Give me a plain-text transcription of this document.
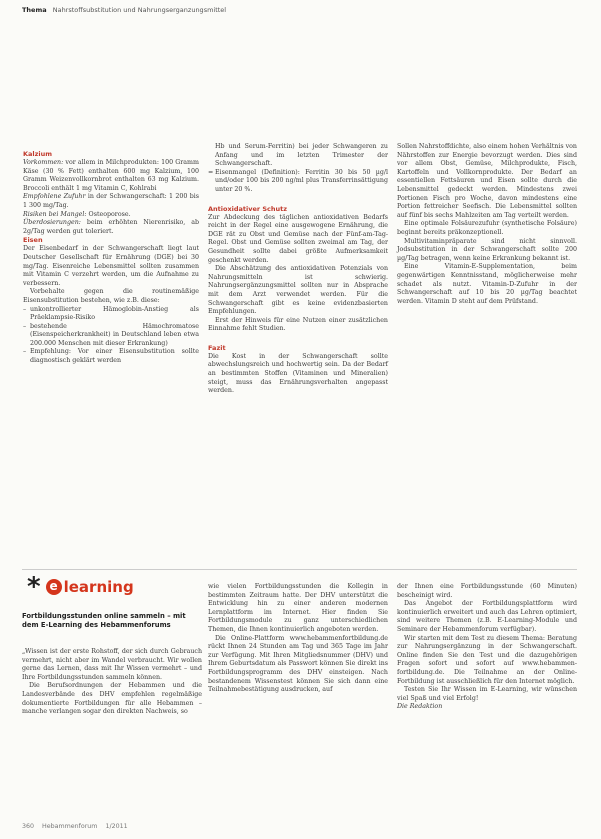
Thema Nahrstoffsubstitution und Nahrungserganzungsmittel
Kalzium

Vorkommen: vor allem in Milchprodukten: 100 Gramm Käse (30 % Fett) enthalten 600 mg Kalzium, 100 Gramm Weizenvollkornbrot enthalten 63 mg Kalzium. Broccoli enthält 1 mg Vitamin C, Kohlrabi

Empfohlene Zufuhr in der Schwangerschaft: 1 200 bis 1 300 mg/Tag.

Risiken bei Mangel: Osteoporose.

Überdosierungen: beim erhöhten Nierenrisiko, ab 2g/Tag werden gut toleriert.

Eisen

Der Eisenbedarf in der Schwangerschaft liegt laut Deutscher Gesellschaft für Ernährung (DGE) bei 30 mg/Tag. Eisenreiche Lebensmittel sollten zusammen mit Vitamin C verzehrt werden, um die Aufnahme zu verbessern.

Vorbehalte gegen die routinemäßige Eisensubstitution bestehen, wie z.B. diese:

– unkontrollierter Hämoglobin-Anstieg als Präeklampsie-Risiko
– bestehende Hämochromatose (Eisenspeicherkrankheit) in Deutschland leben etwa 200.000 Menschen mit dieser Erkrankung)
– Empfehlung: Vor einer Eisensubstitution sollte diagnostisch geklärt werden

Hb und Serum-Ferritin) bei jeder Schwangeren zu Anfang und im letzten Trimester der Schwangerschaft.

= Eisenmangel (Definition): Ferritin 30 bis 50 µg/l und/oder 100 bis 200 ng/ml plus Transferrinsättigung unter 20 %.
Antioxidativer Schutz

Zur Abdeckung des täglichen antioxidativen Bedarfs reicht in der Regel eine ausgewogene Ernährung, die DGE rät zu Obst und Gemüse nach der Fünf-am-Tag-Regel. Obst und Gemüse sollten zweimal am Tag, der Gesundheit sollte dabei größte Aufmerksamkeit geschenkt werden.

Die Abschätzung des antioxidativen Potenzials von Nahrungsmitteln ist schwierig. Nahrungsergänzungsmittel sollten nur in Absprache mit dem Arzt verwendet werden. Für die Schwangerschaft gibt es keine evidenzbasierten Empfehlungen.

Erst der Hinweis für eine Nutzen einer zusätzlichen Einnahme fehlt Studien.

Fazit

Die Kost in der Schwangerschaft sollte abwechslungsreich und hochwertig sein. Da der Bedarf an bestimmten Stoffen (Vitaminen und Mineralien) steigt, muss das Ernährungsverhalten angepasst werden.

Sollen Nahrstoffdichte, also einem hohen Verhältnis von Nährstoffen zur Energie bevorzugt werden. Dies sind vor allem Obst, Gemüse, Milchprodukte, Fisch, Kartoffeln und Vollkornprodukte. Der Bedarf an essentiellen Fettsäuren und Eisen sollte durch die Lebensmittel gedeckt werden. Mindestens zwei Portionen Fisch pro Woche, davon mindestens eine Portion fettreicher Seefisch. Die Lebensmittel sollten auf fünf bis sechs Mahlzeiten am Tag verteilt werden.

Eine optimale Folsäurezufuhr (synthetische Folsäure) beginnt bereits präkonzeptionell.

Multivitaminpräparate sind nicht sinnvoll. Jodsubstitution in der Schwangerschaft sollte 200 µg/Tag betragen, wenn keine Erkrankung bekannt ist.

Eine Vitamin-E-Supplementation, beim gegenwärtigen Kenntnisstand, möglicherweise mehr schadet als nutzt. Vitamin-D-Zufuhr in der Schwangerschaft auf 10 bis 20 µg/Tag beachtet werden. Vitamin D steht auf dem Prüfstand.

* e learning
Fortbildungsstunden online sammeln – mit dem E-Learning des Hebammenforums

„Wissen ist der erste Rohstoff, der sich durch Gebrauch vermehrt, nicht aber im Wandel verbraucht. Wir wollen gerne das Lernen, dass mit Ihr Wissen vermehrt – und Ihre Fortbildungsstunden sammeln können.

Die Berufsordnungen der Hebammen und die Landesverbände des DHV empfehlen regelmäßige dokumentierte Fortbildungen für alle Hebammen – manche verlangen sogar den direkten Nachweis, so

wie vielen Fortbildungsstunden die Kollegin in bestimmten Zeitraum hatte. Der DHV unterstützt die Entwicklung hin zu einer anderen modernen Lernplattform im Internet. Hier finden Sie Fortbildungsmodule zu ganz unterschiedlichen Themen, die Ihnen kontinuierlich angeboten werden.

Die Online-Plattform www.hebammenfortbildung.de rückt Ihnen 24 Stunden am Tag und 365 Tage im Jahr zur Verfügung. Mit Ihren Mitgliedsnummer (DHV) und Ihrem Geburtsdatum als Passwort können Sie direkt ins Fortbildungsprogramm des DHV einsteigen. Nach bestandenem Wissenstest können Sie sich dann eine Teilnahmebestätigung ausdrucken, auf

der Ihnen eine Fortbildungsstunde (60 Minuten) bescheinigt wird.

Das Angebot der Fortbildungsplattform wird kontinuierlich erweitert und auch das Lehren optimiert, sind weitere Themen (z.B. E-Learning-Module und Seminare der Hebammenforum verfügbar).

Wir starten mit dem Test zu diesem Thema: Beratung zur Nahrungsergänzung in der Schwangerschaft. Online finden Sie den Test und die dazugehörigen Fragen sofort und sofort auf www.hebammen-fortbildung.de. Die Teilnahme an der Online-Fortbildung ist ausschließlich für den Internet möglich.

Testen Sie Ihr Wissen im E-Learning, wir wünschen viel Spaß und viel Erfolg!

Die Redaktion

360 Hebammenforum 1/2011
